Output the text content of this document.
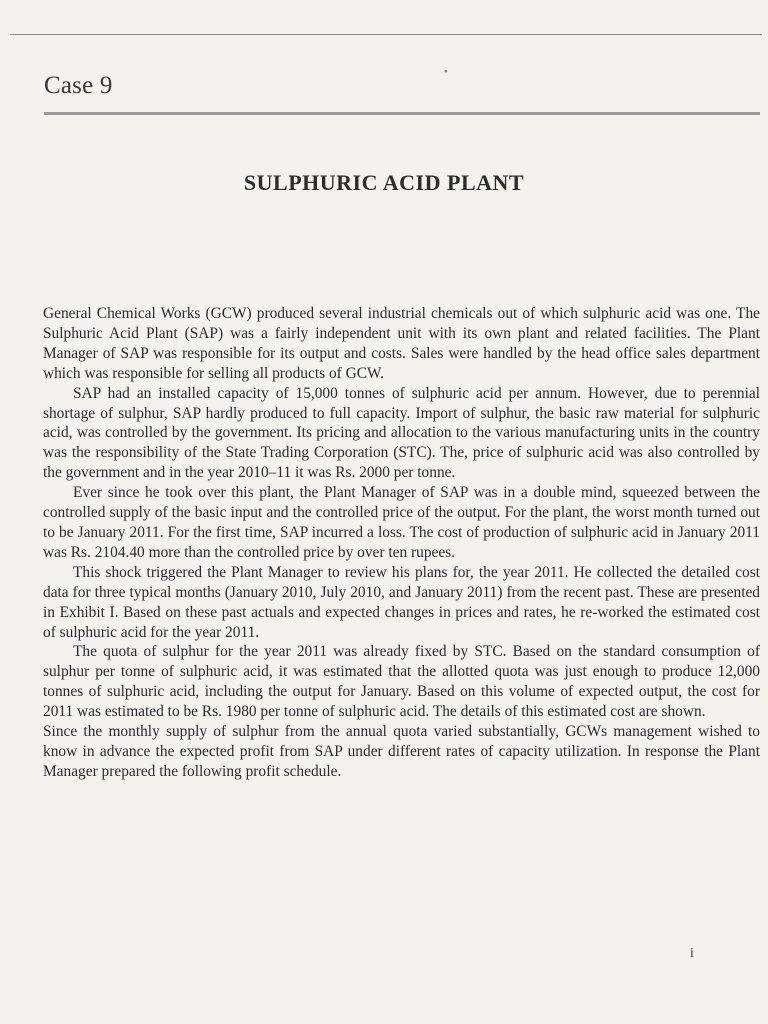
•
Case 9
SULPHURIC ACID PLANT

General Chemical Works (GCW) produced several industrial chemicals out of which sulphuric acid was one. The Sulphuric Acid Plant (SAP) was a fairly independent unit with its own plant and related facilities. The Plant Manager of SAP was responsible for its output and costs. Sales were handled by the head office sales department which was responsible for selling all products of GCW.

SAP had an installed capacity of 15,000 tonnes of sulphuric acid per annum. However, due to perennial shortage of sulphur, SAP hardly produced to full capacity. Import of sulphur, the basic raw material for sulphuric acid, was controlled by the government. Its pricing and allocation to the various manufacturing units in the country was the responsibility of the State Trading Corporation (STC). The, price of sulphuric acid was also controlled by the government and in the year 2010–11 it was Rs. 2000 per tonne.

Ever since he took over this plant, the Plant Manager of SAP was in a double mind, squeezed between the controlled supply of the basic input and the controlled price of the output. For the plant, the worst month turned out to be January 2011. For the first time, SAP incurred a loss. The cost of production of sulphuric acid in January 2011 was Rs. 2104.40 more than the controlled price by over ten rupees.

This shock triggered the Plant Manager to review his plans for, the year 2011. He collected the detailed cost data for three typical months (January 2010, July 2010, and January 2011) from the recent past. These are presented in Exhibit I. Based on these past actuals and expected changes in prices and rates, he re-worked the estimated cost of sulphuric acid for the year 2011.

The quota of sulphur for the year 2011 was already fixed by STC. Based on the standard consumption of sulphur per tonne of sulphuric acid, it was estimated that the allotted quota was just enough to produce 12,000 tonnes of sulphuric acid, including the output for January. Based on this volume of expected output, the cost for 2011 was estimated to be Rs. 1980 per tonne of sulphuric acid. The details of this estimated cost are shown.

Since the monthly supply of sulphur from the annual quota varied substantially, GCWs management wished to know in advance the expected profit from SAP under different rates of capacity utilization. In response the Plant Manager prepared the following profit schedule.

i
